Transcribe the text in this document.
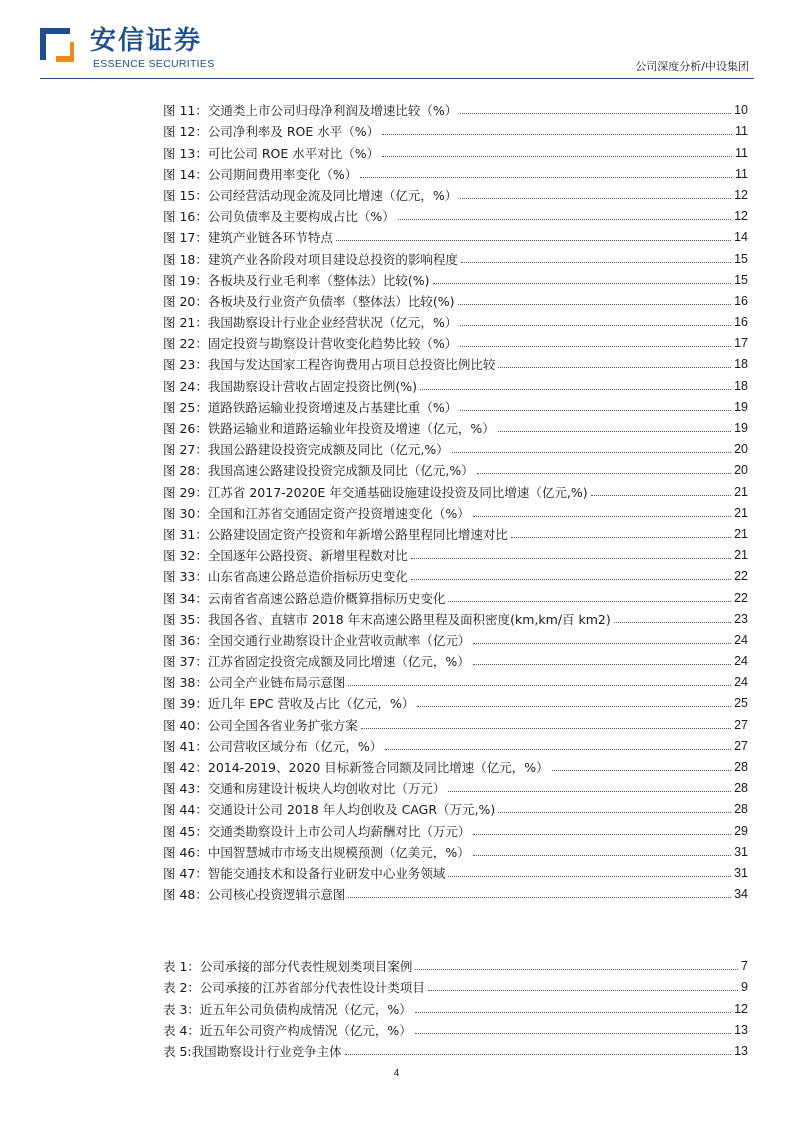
安信证券
ESSENCE SECURITIES	公司深度分析/中设集团
图 11：交通类上市公司归母净利润及增速比较（%）	10
图 12：公司净利率及 ROE 水平（%）	11
图 13：可比公司 ROE 水平对比（%）	11
图 14：公司期间费用率变化（%）	11
图 15：公司经营活动现金流及同比增速（亿元，%）	12
图 16：公司负债率及主要构成占比（%）	12
图 17：建筑产业链各环节特点	14
图 18：建筑产业各阶段对项目建设总投资的影响程度	15
图 19：各板块及行业毛利率（整体法）比较(%)	15
图 20：各板块及行业资产负债率（整体法）比较(%)	16
图 21：我国勘察设计行业企业经营状况（亿元，%）	16
图 22：固定投资与勘察设计营收变化趋势比较（%）	17
图 23：我国与发达国家工程咨询费用占项目总投资比例比较	18
图 24：我国勘察设计营收占固定投资比例(%)	18
图 25：道路铁路运输业投资增速及占基建比重（%）	19
图 26：铁路运输业和道路运输业年投资及增速（亿元，%）	19
图 27：我国公路建设投资完成额及同比（亿元,%）	20
图 28：我国高速公路建设投资完成额及同比（亿元,%）	20
图 29：江苏省 2017-2020E 年交通基础设施建设投资及同比增速（亿元,%)	21
图 30：全国和江苏省交通固定资产投资增速变化（%）	21
图 31：公路建设固定资产投资和年新增公路里程同比增速对比	21
图 32：全国逐年公路投资、新增里程数对比	21
图 33：山东省高速公路总造价指标历史变化	22
图 34：云南省省高速公路总造价概算指标历史变化	22
图 35：我国各省、直辖市 2018 年末高速公路里程及面积密度(km,km/百 km2)	23
图 36：全国交通行业勘察设计企业营收贡献率（亿元）	24
图 37：江苏省固定投资完成额及同比增速（亿元，%）	24
图 38：公司全产业链布局示意图	24
图 39：近几年 EPC 营收及占比（亿元，%）	25
图 40：公司全国各省业务扩张方案	27
图 41：公司营收区域分布（亿元，%）	27
图 42：2014-2019、2020 目标新签合同额及同比增速（亿元，%）	28
图 43：交通和房建设计板块人均创收对比（万元）	28
图 44：交通设计公司 2018 年人均创收及 CAGR（万元,%)	28
图 45：交通类勘察设计上市公司人均薪酬对比（万元）	29
图 46：中国智慧城市市场支出规模预测（亿美元，%）	31
图 47：智能交通技术和设备行业研发中心业务领域	31
图 48：公司核心投资逻辑示意图	34
表 1：公司承接的部分代表性规划类项目案例	7
表 2：公司承接的江苏省部分代表性设计类项目	9
表 3：近五年公司负债构成情况（亿元，%）	12
表 4：近五年公司资产构成情况（亿元，%）	13
表 5:我国勘察设计行业竞争主体	13
4
